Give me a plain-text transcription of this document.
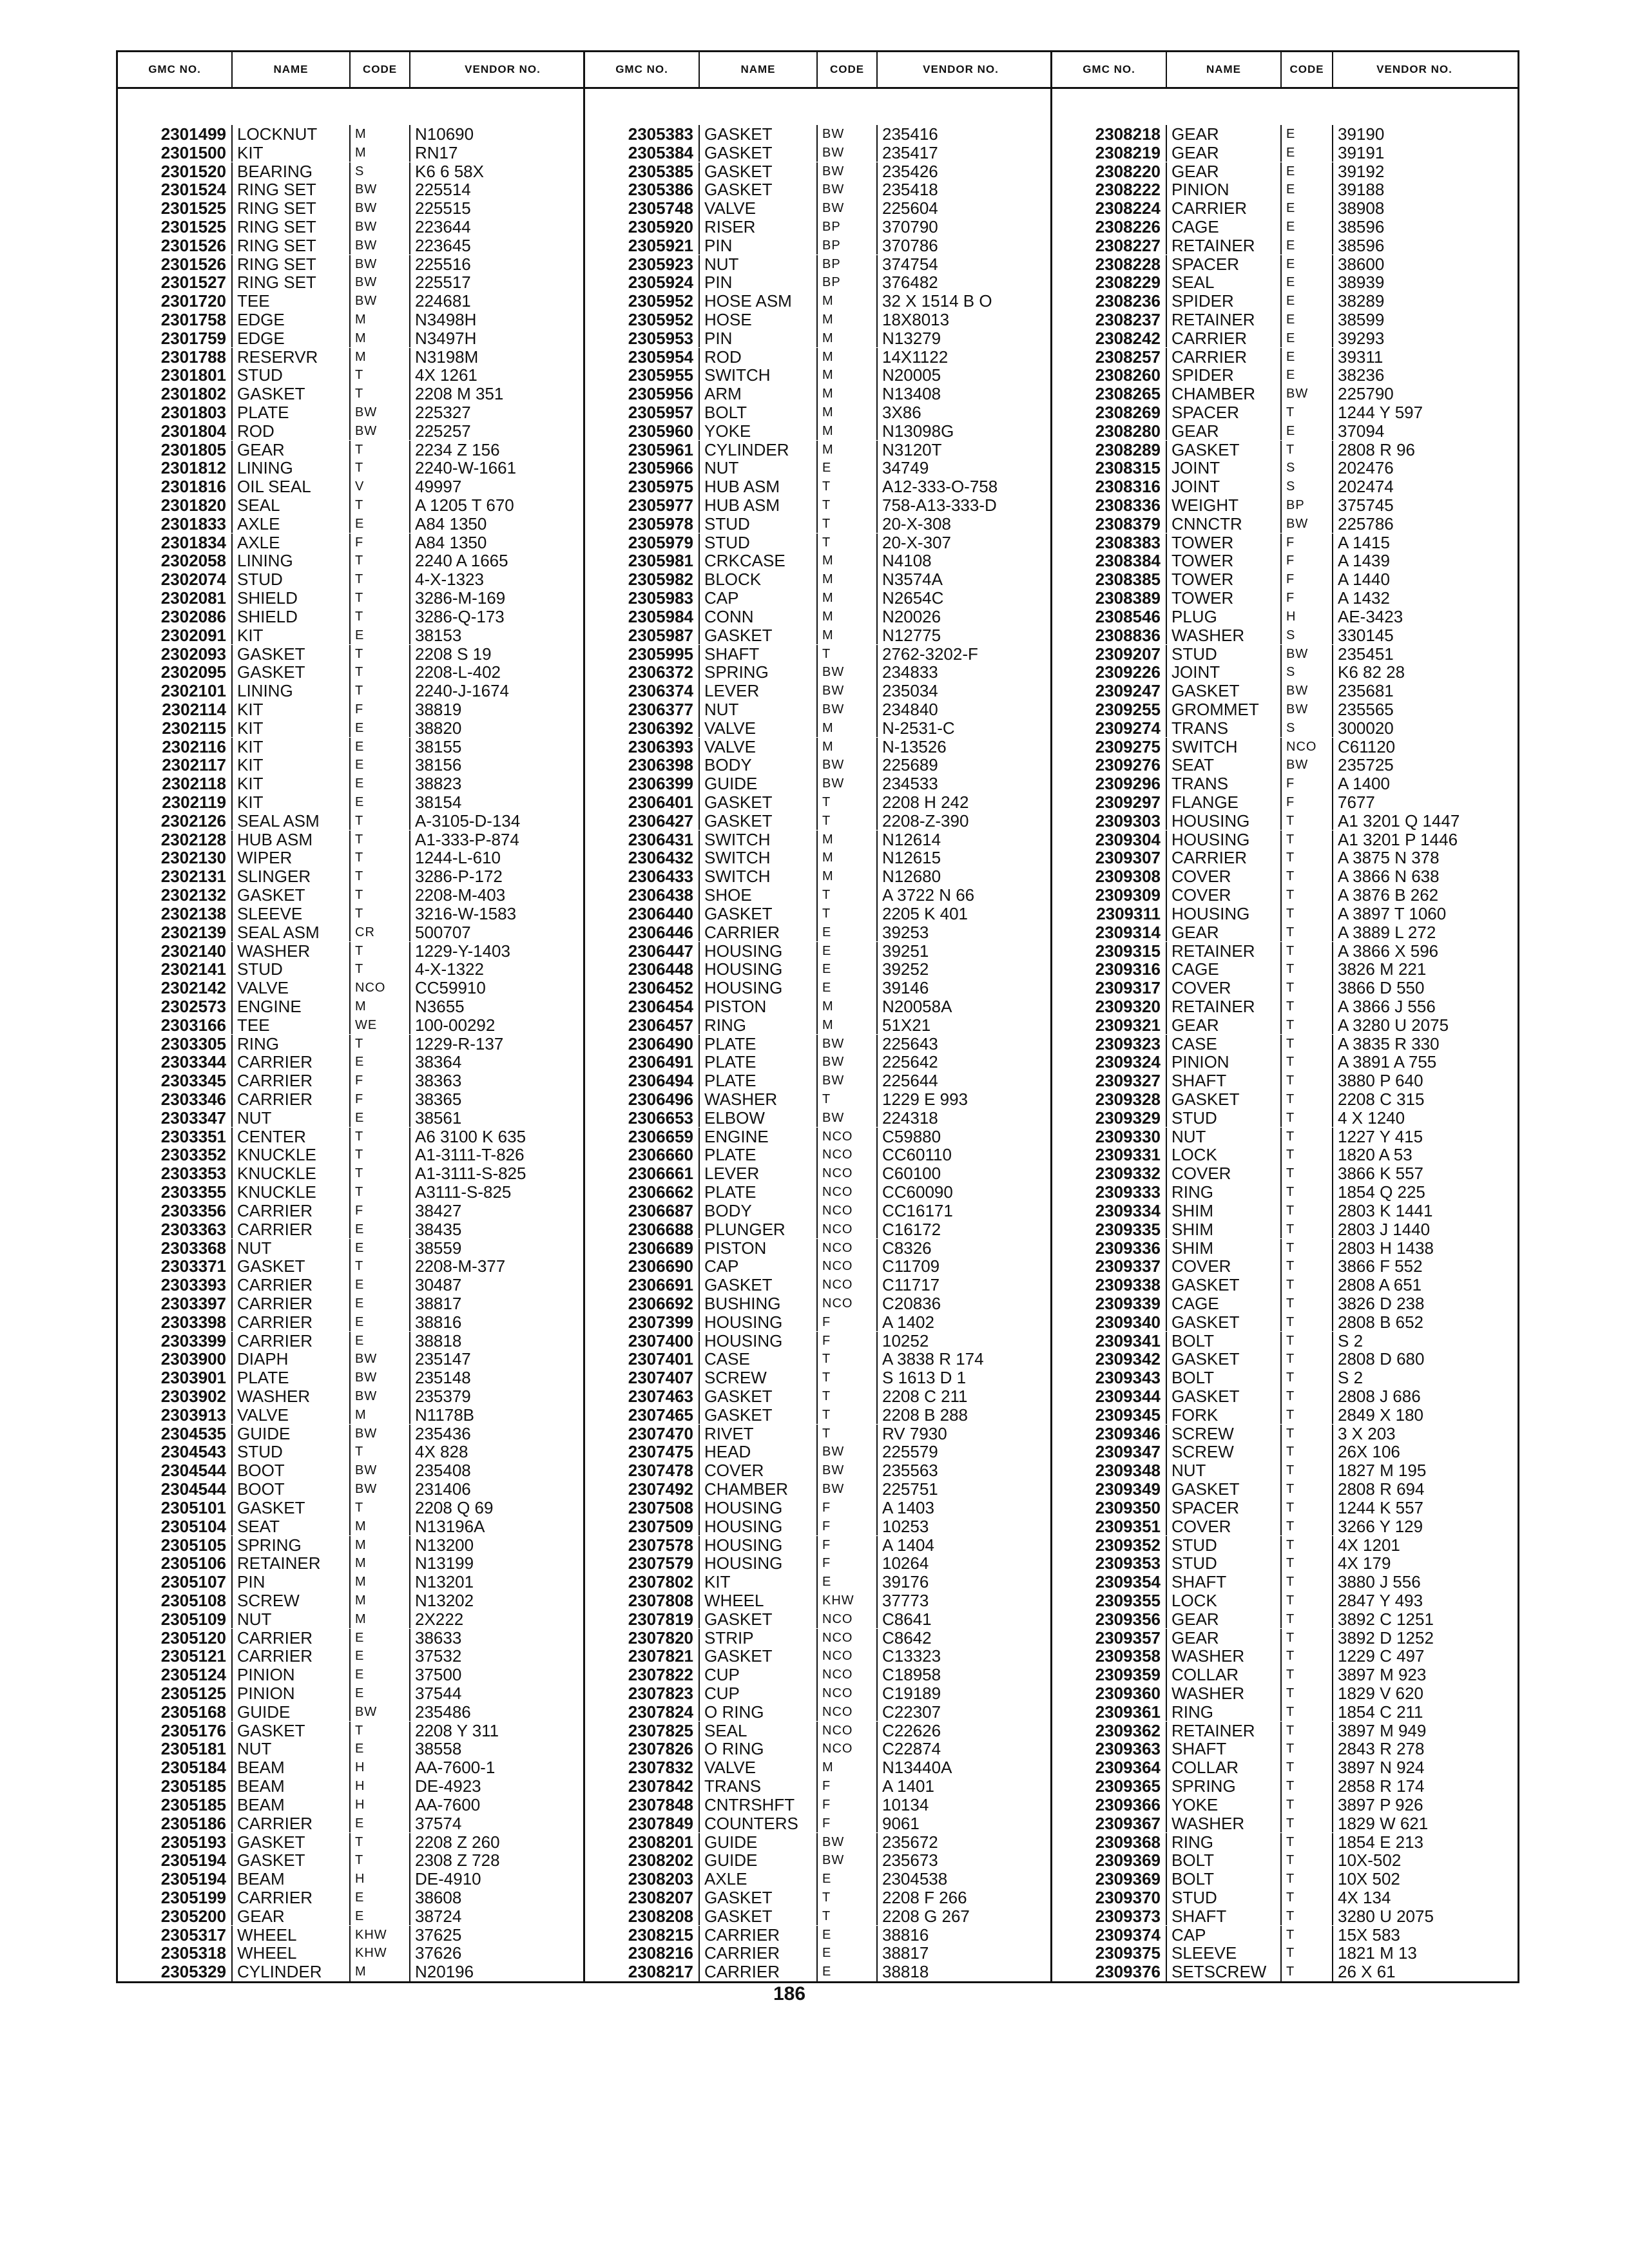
GMC NO.	NAME	CODE	VENDOR NO.
2301499 LOCKNUT	M	N10690
2301500 KIT	M	RN17
2301520 BEARING	S	K6 6 58X
2301524 RING SET	BW	225514
2301525 RING SET	BW	225515
2301525 RING SET	BW	223644
2301526 RING SET	BW	223645
2301526 RING SET	BW	225516
2301527 RING SET	BW	225517
2301720 TEE	BW	224681
2301758 EDGE	M	N3498H
2301759 EDGE	M	N3497H
2301788 RESERVR	M	N3198M
2301801 STUD	T	4X 1261
2301802 GASKET	T	2208 M 351
2301803 PLATE	BW	225327
2301804 ROD	BW	225257
2301805 GEAR	T	2234 Z 156
2301812 LINING	T	2240-W-1661
2301816 OIL SEAL	V	49997
2301820 SEAL	T	A 1205 T 670
2301833 AXLE	E	A84 1350
2301834 AXLE	F	A84 1350
2302058 LINING	T	2240 A 1665
2302074 STUD	T	4-X-1323
2302081 SHIELD	T	3286-M-169
2302086 SHIELD	T	3286-Q-173
2302091 KIT	E	38153
2302093 GASKET	T	2208 S 19
2302095 GASKET	T	2208-L-402
2302101 LINING	T	2240-J-1674
2302114 KIT	F	38819
2302115 KIT	E	38820
2302116 KIT	E	38155
2302117 KIT	E	38156
2302118 KIT	E	38823
2302119 KIT	E	38154
2302126 SEAL ASM	T	A-3105-D-134
2302128 HUB ASM	T	A1-333-P-874
2302130 WIPER	T	1244-L-610
2302131 SLINGER	T	3286-P-172
2302132 GASKET	T	2208-M-403
2302138 SLEEVE	T	3216-W-1583
2302139 SEAL ASM	CR	500707
2302140 WASHER	T	1229-Y-1403
2302141 STUD	T	4-X-1322
2302142 VALVE	NCO	CC59910
2302573 ENGINE	M	N3655
2303166 TEE	WE	100-00292
2303305 RING	T	1229-R-137
2303344 CARRIER	E	38364
2303345 CARRIER	F	38363
2303346 CARRIER	F	38365
2303347 NUT	E	38561
2303351 CENTER	T	A6 3100 K 635
2303352 KNUCKLE	T	A1-3111-T-826
2303353 KNUCKLE	T	A1-3111-S-825
2303355 KNUCKLE	T	A3111-S-825
2303356 CARRIER	F	38427
2303363 CARRIER	E	38435
2303368 NUT	E	38559
2303371 GASKET	T	2208-M-377
2303393 CARRIER	E	30487
2303397 CARRIER	E	38817
2303398 CARRIER	E	38816
2303399 CARRIER	E	38818
2303900 DIAPH	BW	235147
2303901 PLATE	BW	235148
2303902 WASHER	BW	235379
2303913 VALVE	M	N1178B
2304535 GUIDE	BW	235436
2304543 STUD	T	4X 828
2304544 BOOT	BW	235408
2304544 BOOT	BW	231406
2305101 GASKET	T	2208 Q 69
2305104 SEAT	M	N13196A
2305105 SPRING	M	N13200
2305106 RETAINER	M	N13199
2305107 PIN	M	N13201
2305108 SCREW	M	N13202
2305109 NUT	M	2X222
2305120 CARRIER	E	38633
2305121 CARRIER	E	37532
2305124 PINION	E	37500
2305125 PINION	E	37544
2305168 GUIDE	BW	235486
2305176 GASKET	T	2208 Y 311
2305181 NUT	E	38558
2305184 BEAM	H	AA-7600-1
2305185 BEAM	H	DE-4923
2305185 BEAM	H	AA-7600
2305186 CARRIER	E	37574
2305193 GASKET	T	2208 Z 260
2305194 GASKET	T	2308 Z 728
2305194 BEAM	H	DE-4910
2305199 CARRIER	E	38608
2305200 GEAR	E	38724
2305317 WHEEL	KHW	37625
2305318 WHEEL	KHW	37626
2305329 CYLINDER	M	N20196
GMC NO.	NAME	CODE	VENDOR NO.
2305383 GASKET	BW	235416
2305384 GASKET	BW	235417
2305385 GASKET	BW	235426
2305386 GASKET	BW	235418
2305748 VALVE	BW	225604
2305920 RISER	BP	370790
2305921 PIN	BP	370786
2305923 NUT	BP	374754
2305924 PIN	BP	376482
2305952 HOSE ASM	M	32 X 1514 B O
2305952 HOSE	M	18X8013
2305953 PIN	M	N13279
2305954 ROD	M	14X1122
2305955 SWITCH	M	N20005
2305956 ARM	M	N13408
2305957 BOLT	M	3X86
2305960 YOKE	M	N13098G
2305961 CYLINDER	M	N3120T
2305966 NUT	E	34749
2305975 HUB ASM	T	A12-333-O-758
2305977 HUB ASM	T	758-A13-333-D
2305978 STUD	T	20-X-308
2305979 STUD	T	20-X-307
2305981 CRKCASE	M	N4108
2305982 BLOCK	M	N3574A
2305983 CAP	M	N2654C
2305984 CONN	M	N20026
2305987 GASKET	M	N12775
2305995 SHAFT	T	2762-3202-F
2306372 SPRING	BW	234833
2306374 LEVER	BW	235034
2306377 NUT	BW	234840
2306392 VALVE	M	N-2531-C
2306393 VALVE	M	N-13526
2306398 BODY	BW	225689
2306399 GUIDE	BW	234533
2306401 GASKET	T	2208 H 242
2306427 GASKET	T	2208-Z-390
2306431 SWITCH	M	N12614
2306432 SWITCH	M	N12615
2306433 SWITCH	M	N12680
2306438 SHOE	T	A 3722 N 66
2306440 GASKET	T	2205 K 401
2306446 CARRIER	E	39253
2306447 HOUSING	E	39251
2306448 HOUSING	E	39252
2306452 HOUSING	E	39146
2306454 PISTON	M	N20058A
2306457 RING	M	51X21
2306490 PLATE	BW	225643
2306491 PLATE	BW	225642
2306494 PLATE	BW	225644
2306496 WASHER	T	1229 E 993
2306653 ELBOW	BW	224318
2306659 ENGINE	NCO	C59880
2306660 PLATE	NCO	CC60110
2306661 LEVER	NCO	C60100
2306662 PLATE	NCO	CC60090
2306687 BODY	NCO	CC16171
2306688 PLUNGER	NCO	C16172
2306689 PISTON	NCO	C8326
2306690 CAP	NCO	C11709
2306691 GASKET	NCO	C11717
2306692 BUSHING	NCO	C20836
2307399 HOUSING	F	A 1402
2307400 HOUSING	F	10252
2307401 CASE	T	A 3838 R 174
2307407 SCREW	T	S 1613 D 1
2307463 GASKET	T	2208 C 211
2307465 GASKET	T	2208 B 288
2307470 RIVET	T	RV 7930
2307475 HEAD	BW	225579
2307478 COVER	BW	235563
2307492 CHAMBER	BW	225751
2307508 HOUSING	F	A 1403
2307509 HOUSING	F	10253
2307578 HOUSING	F	A 1404
2307579 HOUSING	F	10264
2307802 KIT	E	39176
2307808 WHEEL	KHW	37773
2307819 GASKET	NCO	C8641
2307820 STRIP	NCO	C8642
2307821 GASKET	NCO	C13323
2307822 CUP	NCO	C18958
2307823 CUP	NCO	C19189
2307824 O RING	NCO	C22307
2307825 SEAL	NCO	C22626
2307826 O RING	NCO	C22874
2307832 VALVE	M	N13440A
2307842 TRANS	F	A 1401
2307848 CNTRSHFT	F	10134
2307849 COUNTERS	F	9061
2308201 GUIDE	BW	235672
2308202 GUIDE	BW	235673
2308203 AXLE	E	2304538
2308207 GASKET	T	2208 F 266
2308208 GASKET	T	2208 G 267
2308215 CARRIER	E	38816
2308216 CARRIER	E	38817
2308217 CARRIER	E	38818
GMC NO.	NAME	CODE	VENDOR NO.
2308218 GEAR	E	39190
2308219 GEAR	E	39191
2308220 GEAR	E	39192
2308222 PINION	E	39188
2308224 CARRIER	E	38908
2308226 CAGE	E	38596
2308227 RETAINER	E	38596
2308228 SPACER	E	38600
2308229 SEAL	E	38939
2308236 SPIDER	E	38289
2308237 RETAINER	E	38599
2308242 CARRIER	E	39293
2308257 CARRIER	E	39311
2308260 SPIDER	E	38236
2308265 CHAMBER	BW	225790
2308269 SPACER	T	1244 Y 597
2308280 GEAR	E	37094
2308289 GASKET	T	2808 R 96
2308315 JOINT	S	202476
2308316 JOINT	S	202474
2308336 WEIGHT	BP	375745
2308379 CNNCTR	BW	225786
2308383 TOWER	F	A 1415
2308384 TOWER	F	A 1439
2308385 TOWER	F	A 1440
2308389 TOWER	F	A 1432
2308546 PLUG	H	AE-3423
2308836 WASHER	S	330145
2309207 STUD	BW	235451
2309226 JOINT	S	K6 82 28
2309247 GASKET	BW	235681
2309255 GROMMET	BW	235565
2309274 TRANS	S	300020
2309275 SWITCH	NCO	C61120
2309276 SEAT	BW	235725
2309296 TRANS	F	A 1400
2309297 FLANGE	F	7677
2309303 HOUSING	T	A1 3201 Q 1447
2309304 HOUSING	T	A1 3201 P 1446
2309307 CARRIER	T	A 3875 N 378
2309308 COVER	T	A 3866 N 638
2309309 COVER	T	A 3876 B 262
2309311 HOUSING	T	A 3897 T 1060
2309314 GEAR	T	A 3889 L 272
2309315 RETAINER	T	A 3866 X 596
2309316 CAGE	T	3826 M 221
2309317 COVER	T	3866 D 550
2309320 RETAINER	T	A 3866 J 556
2309321 GEAR	T	A 3280 U 2075
2309323 CASE	T	A 3835 R 330
2309324 PINION	T	A 3891 A 755
2309327 SHAFT	T	3880 P 640
2309328 GASKET	T	2208 C 315
2309329 STUD	T	4 X 1240
2309330 NUT	T	1227 Y 415
2309331 LOCK	T	1820 A 53
2309332 COVER	T	3866 K 557
2309333 RING	T	1854 Q 225
2309334 SHIM	T	2803 K 1441
2309335 SHIM	T	2803 J 1440
2309336 SHIM	T	2803 H 1438
2309337 COVER	T	3866 F 552
2309338 GASKET	T	2808 A 651
2309339 CAGE	T	3826 D 238
2309340 GASKET	T	2808 B 652
2309341 BOLT	T	S 2
2309342 GASKET	T	2808 D 680
2309343 BOLT	T	S 2
2309344 GASKET	T	2808 J 686
2309345 FORK	T	2849 X 180
2309346 SCREW	T	3 X 203
2309347 SCREW	T	26X 106
2309348 NUT	T	1827 M 195
2309349 GASKET	T	2808 R 694
2309350 SPACER	T	1244 K 557
2309351 COVER	T	3266 Y 129
2309352 STUD	T	4X 1201
2309353 STUD	T	4X 179
2309354 SHAFT	T	3880 J 556
2309355 LOCK	T	2847 Y 493
2309356 GEAR	T	3892 C 1251
2309357 GEAR	T	3892 D 1252
2309358 WASHER	T	1229 C 497
2309359 COLLAR	T	3897 M 923
2309360 WASHER	T	1829 V 620
2309361 RING	T	1854 C 211
2309362 RETAINER	T	3897 M 949
2309363 SHAFT	T	2843 R 278
2309364 COLLAR	T	3897 N 924
2309365 SPRING	T	2858 R 174
2309366 YOKE	T	3897 P 926
2309367 WASHER	T	1829 W 621
2309368 RING	T	1854 E 213
2309369 BOLT	T	10X-502
2309369 BOLT	T	10X 502
2309370 STUD	T	4X 134
2309373 SHAFT	T	3280 U 2075
2309374 CAP	T	15X 583
2309375 SLEEVE	T	1821 M 13
2309376 SETSCREW	T	26 X 61
186
